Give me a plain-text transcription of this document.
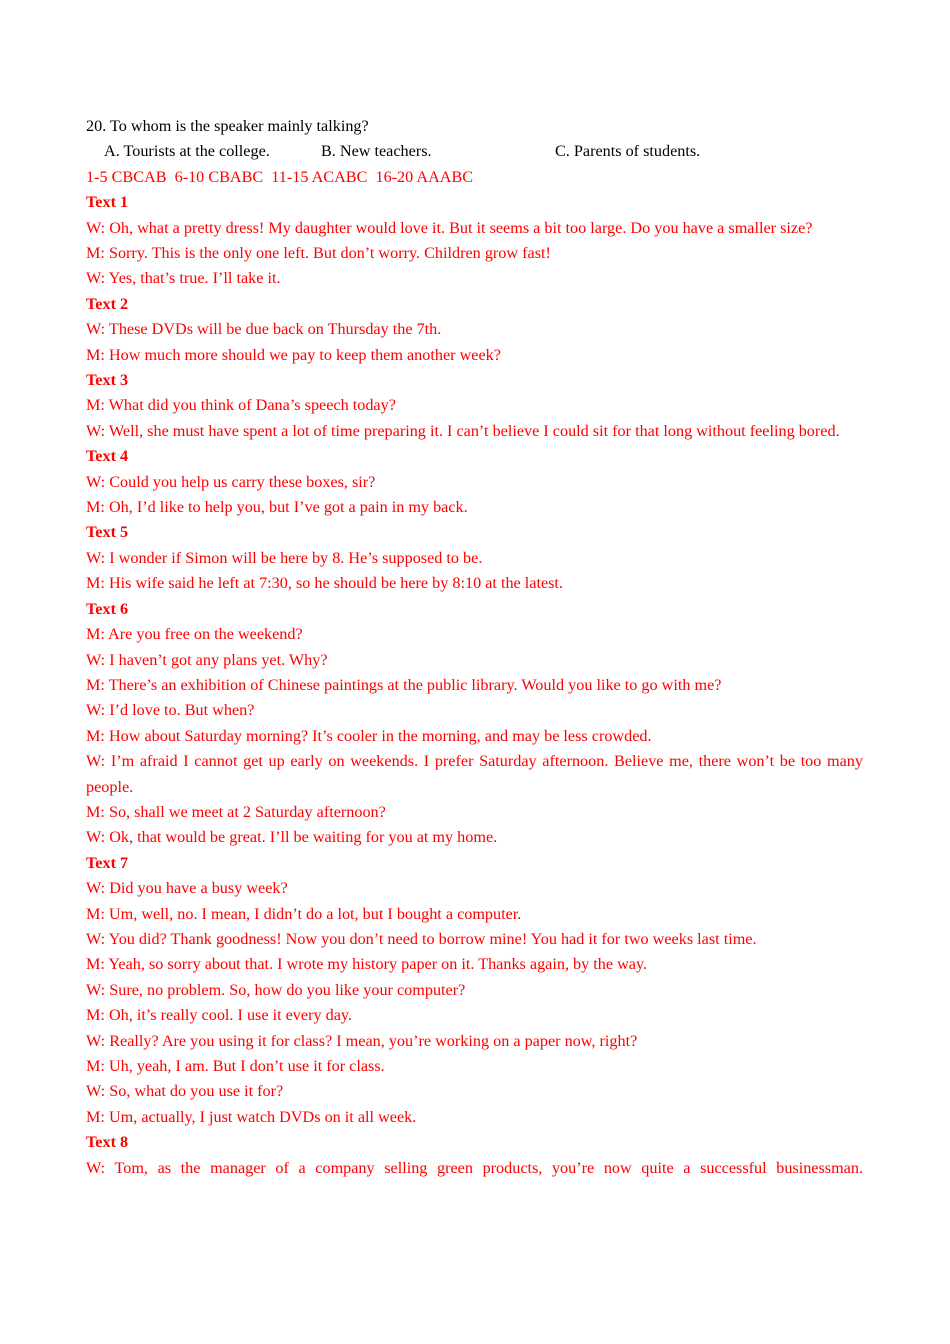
20. To whom is the speaker mainly talking?
A. Tourists at the college.	B. New teachers.	C. Parents of students.
1-5 CBCAB  6-10 CBABC  11-15 ACABC  16-20 AAABC
Text 1
W: Oh, what a pretty dress! My daughter would love it. But it seems a bit too large. Do you have a smaller size?
M: Sorry. This is the only one left. But don’t worry. Children grow fast!
W: Yes, that’s true. I’ll take it.
Text 2
W: These DVDs will be due back on Thursday the 7th.
M: How much more should we pay to keep them another week?
Text 3
M: What did you think of Dana’s speech today?
W: Well, she must have spent a lot of time preparing it. I can’t believe I could sit for that long without feeling bored.
Text 4
W: Could you help us carry these boxes, sir?
M: Oh, I’d like to help you, but I’ve got a pain in my back.
Text 5
W: I wonder if Simon will be here by 8. He’s supposed to be.
M: His wife said he left at 7:30, so he should be here by 8:10 at the latest.
Text 6
M: Are you free on the weekend?
W: I haven’t got any plans yet. Why?
M: There’s an exhibition of Chinese paintings at the public library. Would you like to go with me?
W: I’d love to. But when?
M: How about Saturday morning? It’s cooler in the morning, and may be less crowded.
W: I’m afraid I cannot get up early on weekends. I prefer Saturday afternoon. Believe me, there won’t be too many people.
M: So, shall we meet at 2 Saturday afternoon?
W: Ok, that would be great. I’ll be waiting for you at my home.
Text 7
W: Did you have a busy week?
M: Um, well, no. I mean, I didn’t do a lot, but I bought a computer.
W: You did? Thank goodness! Now you don’t need to borrow mine! You had it for two weeks last time.
M: Yeah, so sorry about that. I wrote my history paper on it. Thanks again, by the way.
W: Sure, no problem. So, how do you like your computer?
M: Oh, it’s really cool. I use it every day.
W: Really? Are you using it for class? I mean, you’re working on a paper now, right?
M: Uh, yeah, I am. But I don’t use it for class.
W: So, what do you use it for?
M: Um, actually, I just watch DVDs on it all week.
Text 8
W: Tom, as the manager of a company selling green products, you’re now quite a successful businessman.
